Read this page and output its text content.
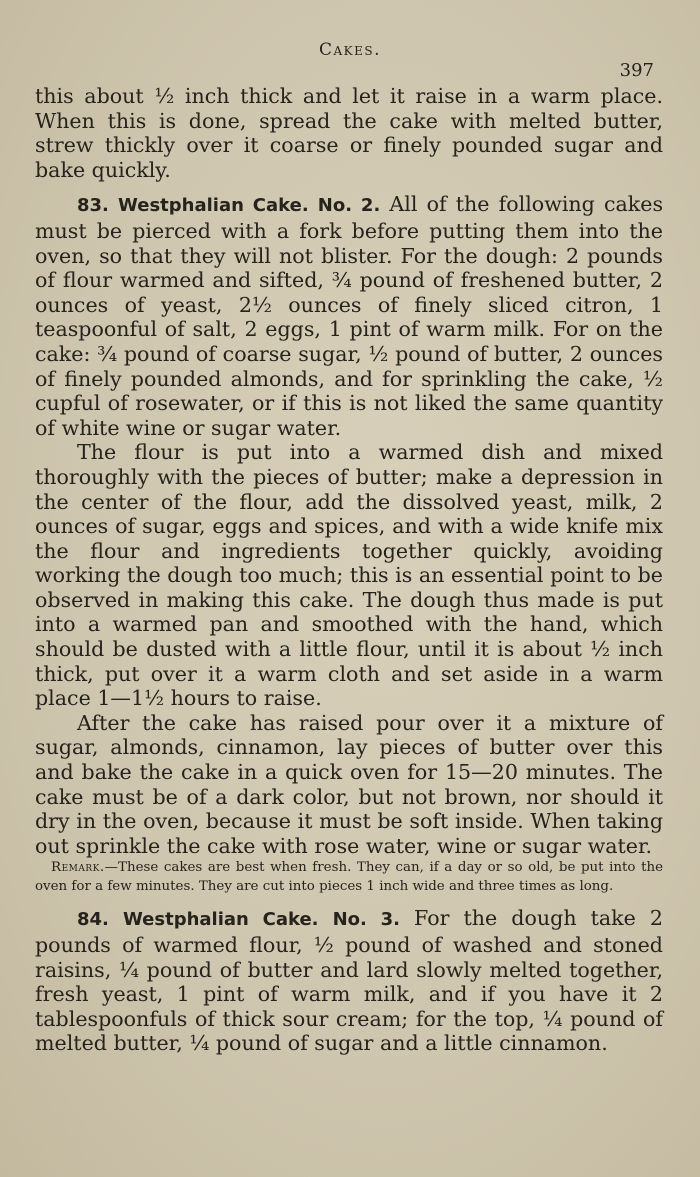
Cakes.
397

this about ½ inch thick and let it raise in a warm place. When this is done, spread the cake with melted butter, strew thickly over it coarse or finely pounded sugar and bake quickly.

83. Westphalian Cake. No. 2. All of the following cakes must be pierced with a fork before putting them into the oven, so that they will not blister. For the dough: 2 pounds of flour warmed and sifted, ¾ pound of freshened butter, 2 ounces of yeast, 2½ ounces of finely sliced citron, 1 teaspoonful of salt, 2 eggs, 1 pint of warm milk. For on the cake: ¾ pound of coarse sugar, ½ pound of butter, 2 ounces of finely pounded almonds, and for sprinkling the cake, ½ cupful of rosewater, or if this is not liked the same quantity of white wine or sugar water.

The flour is put into a warmed dish and mixed thoroughly with the pieces of butter; make a depression in the center of the flour, add the dissolved yeast, milk, 2 ounces of sugar, eggs and spices, and with a wide knife mix the flour and ingredients together quickly, avoiding working the dough too much; this is an essential point to be observed in making this cake. The dough thus made is put into a warmed pan and smoothed with the hand, which should be dusted with a little flour, until it is about ½ inch thick, put over it a warm cloth and set aside in a warm place 1—1½ hours to raise.

After the cake has raised pour over it a mixture of sugar, almonds, cinnamon, lay pieces of butter over this and bake the cake in a quick oven for 15—20 minutes. The cake must be of a dark color, but not brown, nor should it dry in the oven, because it must be soft inside. When taking out sprinkle the cake with rose water, wine or sugar water.

Remark.—These cakes are best when fresh. They can, if a day or so old, be put into the oven for a few minutes. They are cut into pieces 1 inch wide and three times as long.

84. Westphalian Cake. No. 3. For the dough take 2 pounds of warmed flour, ½ pound of washed and stoned raisins, ¼ pound of butter and lard slowly melted together, fresh yeast, 1 pint of warm milk, and if you have it 2 tablespoonfuls of thick sour cream; for the top, ¼ pound of melted butter, ¼ pound of sugar and a little cinnamon.
